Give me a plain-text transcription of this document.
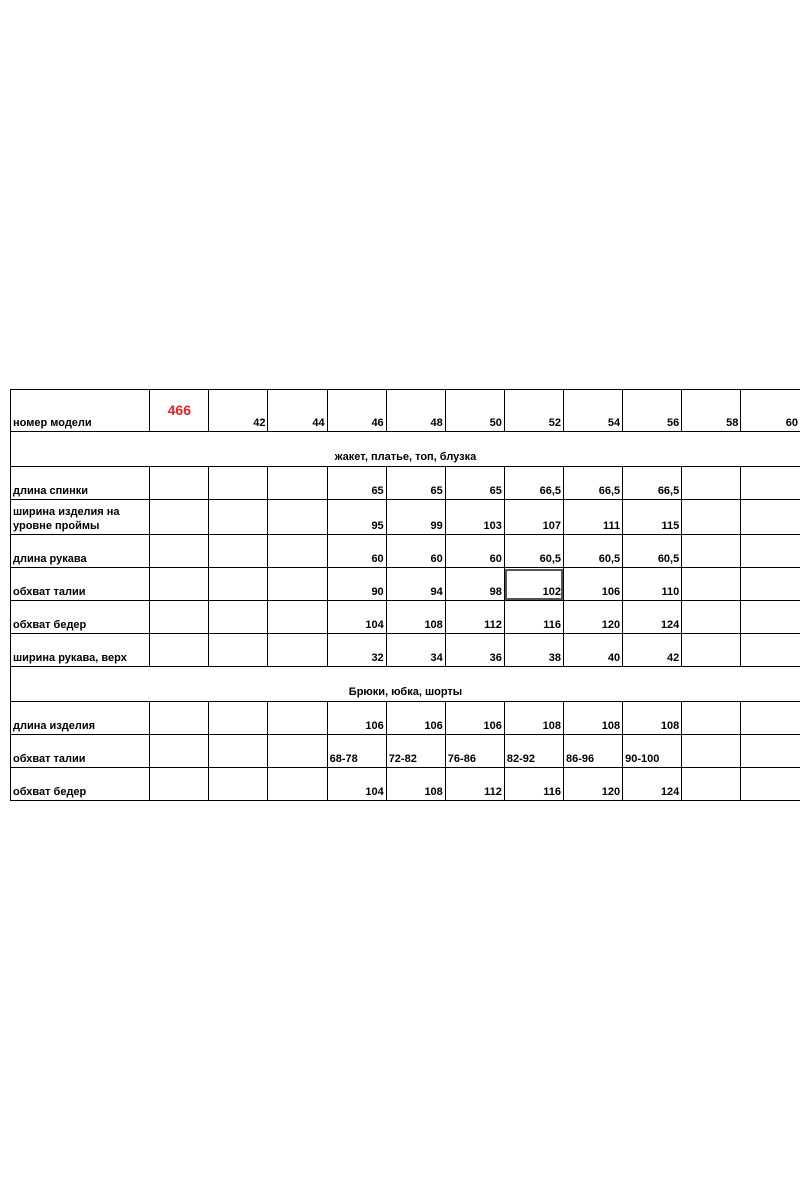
номер модели	466	42	44	46	48	50	52	54	56	58	60
жакет, платье, топ, блузка											
длина спинки				65	65	65	66,5	66,5	66,5		
ширина изделия на уровне проймы				95	99	103	107	111	115		
длина рукава				60	60	60	60,5	60,5	60,5		
обхват талии				90	94	98	102	106	110		
обхват бедер				104	108	112	116	120	124		
ширина рукава, верх				32	34	36	38	40	42		
Брюки, юбка, шорты											
длина изделия				106	106	106	108	108	108		
обхват талии				68-78	72-82	76-86	82-92	86-96	90-100		
обхват бедер				104	108	112	116	120	124		
